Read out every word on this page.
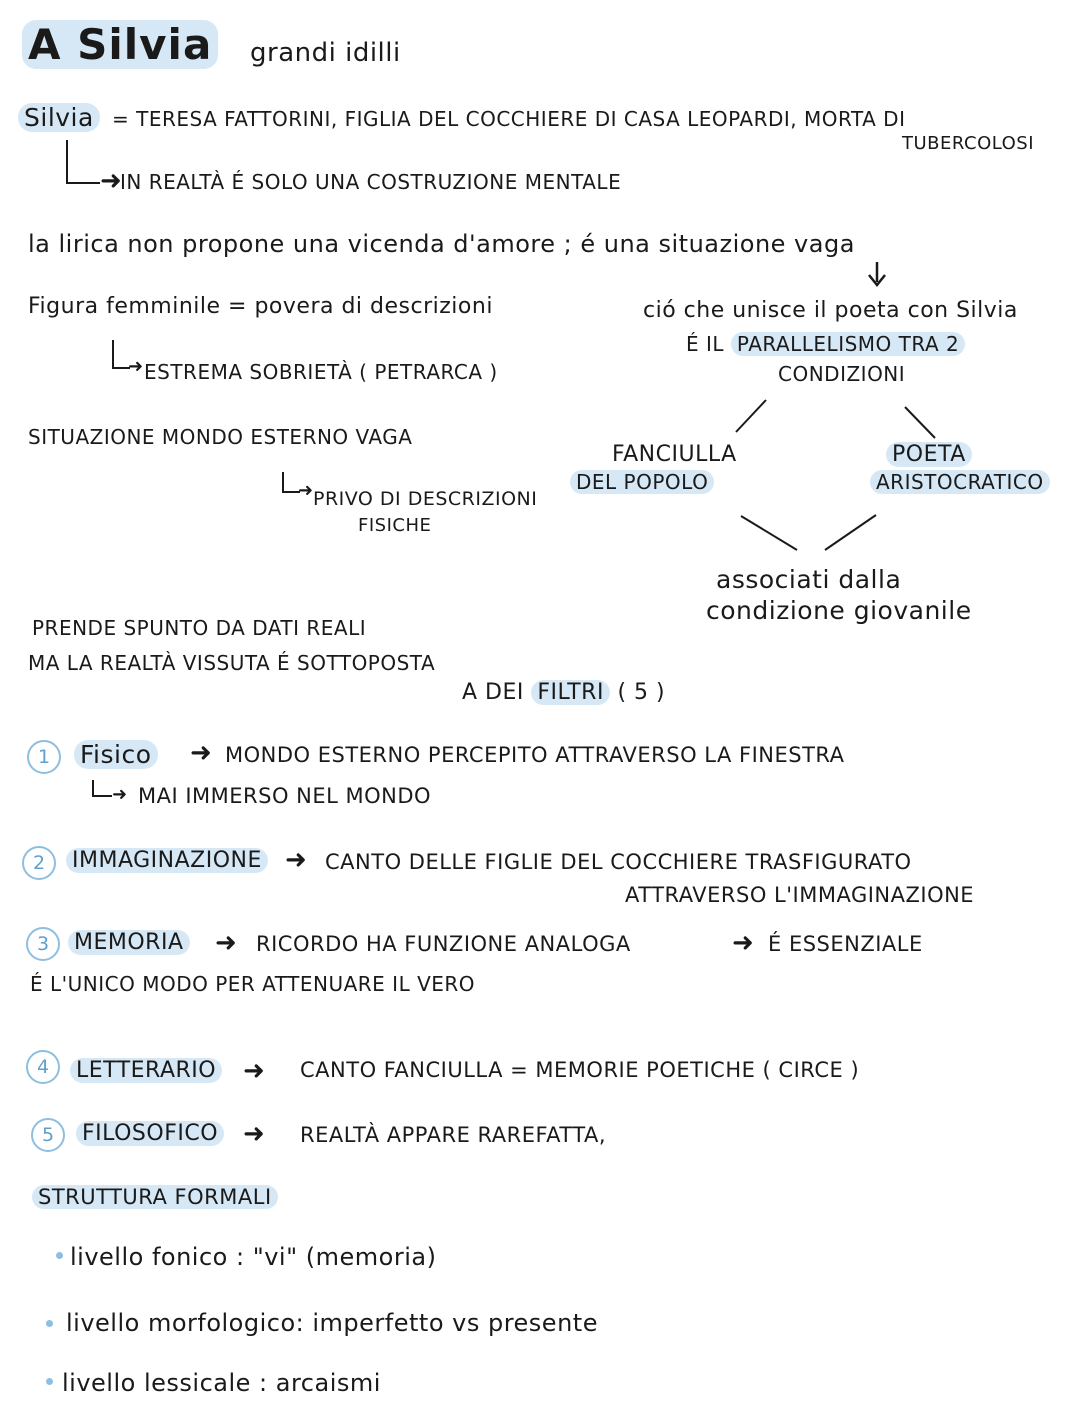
A Silvia grandi idilli
Silvia = TERESA FATTORINI, FIGLIA DEL COCCHIERE DI CASA LEOPARDI, MORTA DI
TUBERCOLOSI
➜
IN REALTÀ É SOLO UNA COSTRUZIONE MENTALE
la lirica non propone una vicenda d'amore ; é una situazione vaga
Figura femminile = povera di descrizioni
➜ ESTREMA SOBRIETÀ ( PETRARCA )
SITUAZIONE MONDO ESTERNO VAGA
➜ PRIVO DI DESCRIZIONI
FISICHE
PRENDE SPUNTO DA DATI REALI
MA LA REALTÀ VISSUTA É SOTTOPOSTA
A DEI FILTRI ( 5 )
ció che unisce il poeta con Silvia
É IL PARALLELISMO TRA 2
CONDIZIONI
FANCIULLA
DEL POPOLO
POETA
ARISTOCRATICO
associati dalla
condizione giovanile
1	Fisico ➜ MONDO ESTERNO PERCEPITO ATTRAVERSO LA FINESTRA
➜ MAI IMMERSO NEL MONDO
2	IMMAGINAZIONE ➜ CANTO DELLE FIGLIE DEL COCCHIERE TRASFIGURATO
ATTRAVERSO L'IMMAGINAZIONE
3	MEMORIA ➜ RICORDO HA FUNZIONE ANALOGA	➜ É ESSENZIALE
É L'UNICO MODO PER ATTENUARE IL VERO
4	LETTERARIO ➜ CANTO FANCIULLA = MEMORIE POETICHE ( CIRCE )
5	FILOSOFICO ➜ REALTÀ APPARE RAREFATTA,
STRUTTURA FORMALI
livello fonico : "vi" (memoria)
livello morfologico: imperfetto vs presente
livello lessicale : arcaismi
